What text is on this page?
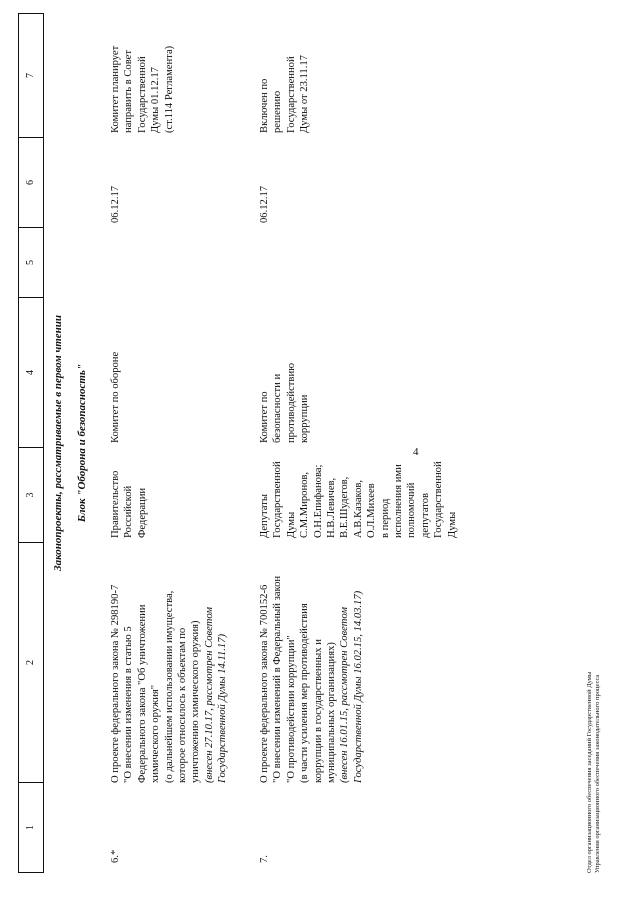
4
1
2
3
4
5
6
7
Законопроекты, рассматриваемые в первом чтении Блок "Оборона и безопасность"
6.*
О проекте федерального закона № 298190-7 "О внесении изменения в статью 5 Федерального закона "Об уничтожении химического оружия" (о дальнейшем использовании имущества, которое относилось к объектам по уничтожению химического оружия) (внесен 27.10.17, рассмотрен Советом Государственной Думы 14.11.17)
Правительство Российской Федерации
Комитет по обороне
06.12.17
Комитет планирует направить в Совет Государственной Думы 01.12.17 (ст.114 Регламента)
7.
О проекте федерального закона № 700152-6 "О внесении изменений в Федеральный закон "О противодействии коррупции" (в части усиления мер противодействия коррупции в государственных и муниципальных организациях) (внесен 16.01.15, рассмотрен Советом Государственной Думы 16.02.15, 14.03.17)
Депутаты Государственной Думы С.М.Миронов, О.Н.Епифанова; Н.В.Левичев, В.Е.Шудегов, А.В.Казаков, О.Л.Михеев в период исполнения ими полномочий депутатов Государственной Думы
Комитет по безопасности и противодействию коррупции
06.12.17
Включен по решению Государственной Думы от 23.11.17
Отдел организационного обеспечения заседаний Государственной Думы Управления организационного обеспечения законодательного процесса
